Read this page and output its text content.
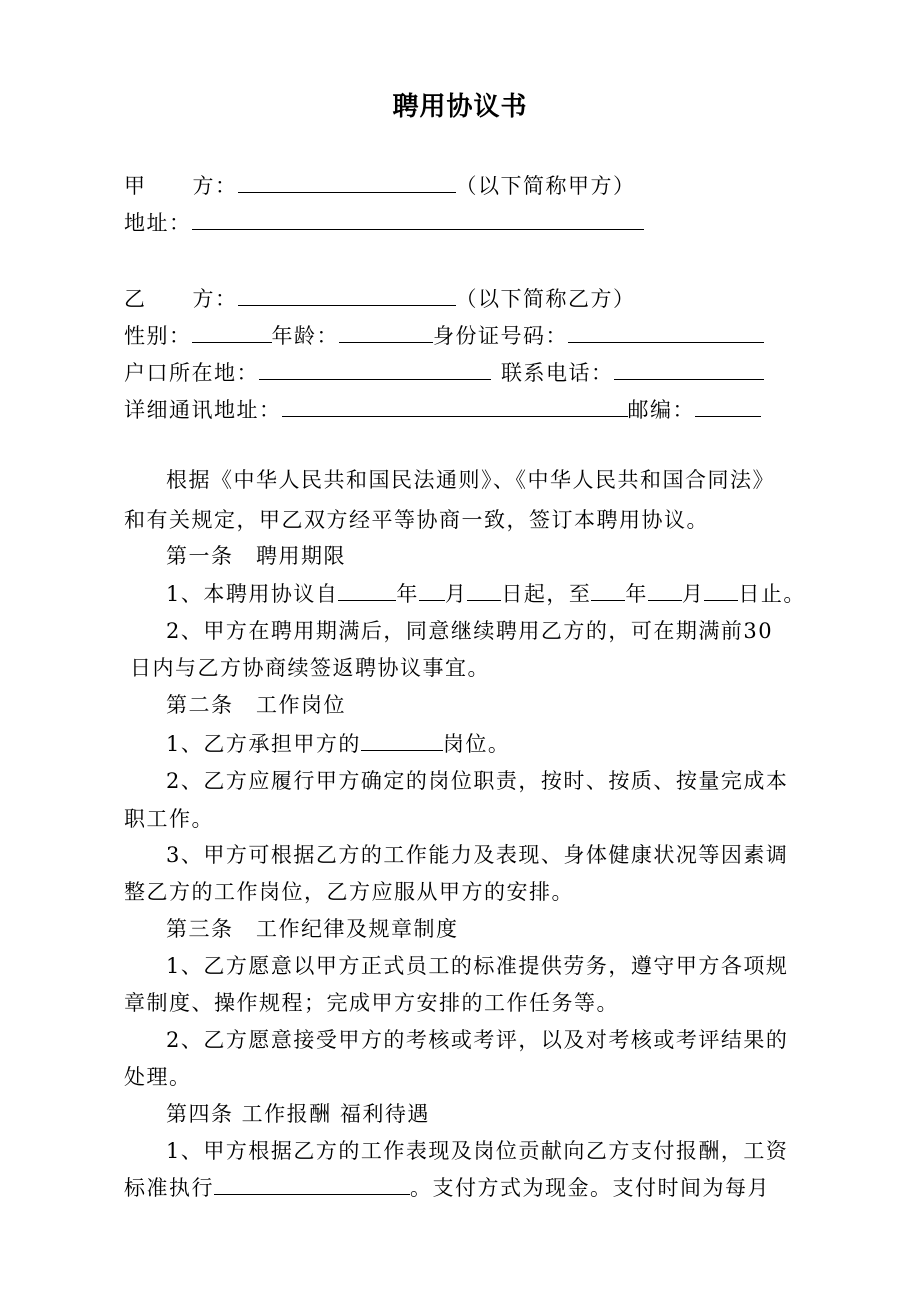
聘用协议书
甲 方：	（以下简称甲方）
地址：
乙 方：	（以下简称乙方）
性别：	年龄：	身份证号码：
户口所在地：	联系电话：
详细通讯地址：	邮编：
根据《中华人民共和国民法通则》、《中华人民共和国合同法》
和有关规定，甲乙双方经平等协商一致，签订本聘用协议。
第一条　聘用期限
1、本聘用协议自	年 月 日起，至 年 月 日止。
2、甲方在聘用期满后，同意继续聘用乙方的，可在期满前30
日内与乙方协商续签返聘协议事宜。
第二条　工作岗位
1、乙方承担甲方的	岗位。
2、乙方应履行甲方确定的岗位职责，按时、按质、按量完成本
职工作。
3、甲方可根据乙方的工作能力及表现、身体健康状况等因素调
整乙方的工作岗位，乙方应服从甲方的安排。
第三条　工作纪律及规章制度
1、乙方愿意以甲方正式员工的标准提供劳务，遵守甲方各项规
章制度、操作规程；完成甲方安排的工作任务等。
2、乙方愿意接受甲方的考核或考评，以及对考核或考评结果的
处理。
第四条 工作报酬 福利待遇
1、甲方根据乙方的工作表现及岗位贡献向乙方支付报酬，工资
标准执行	。支付方式为现金。支付时间为每月
